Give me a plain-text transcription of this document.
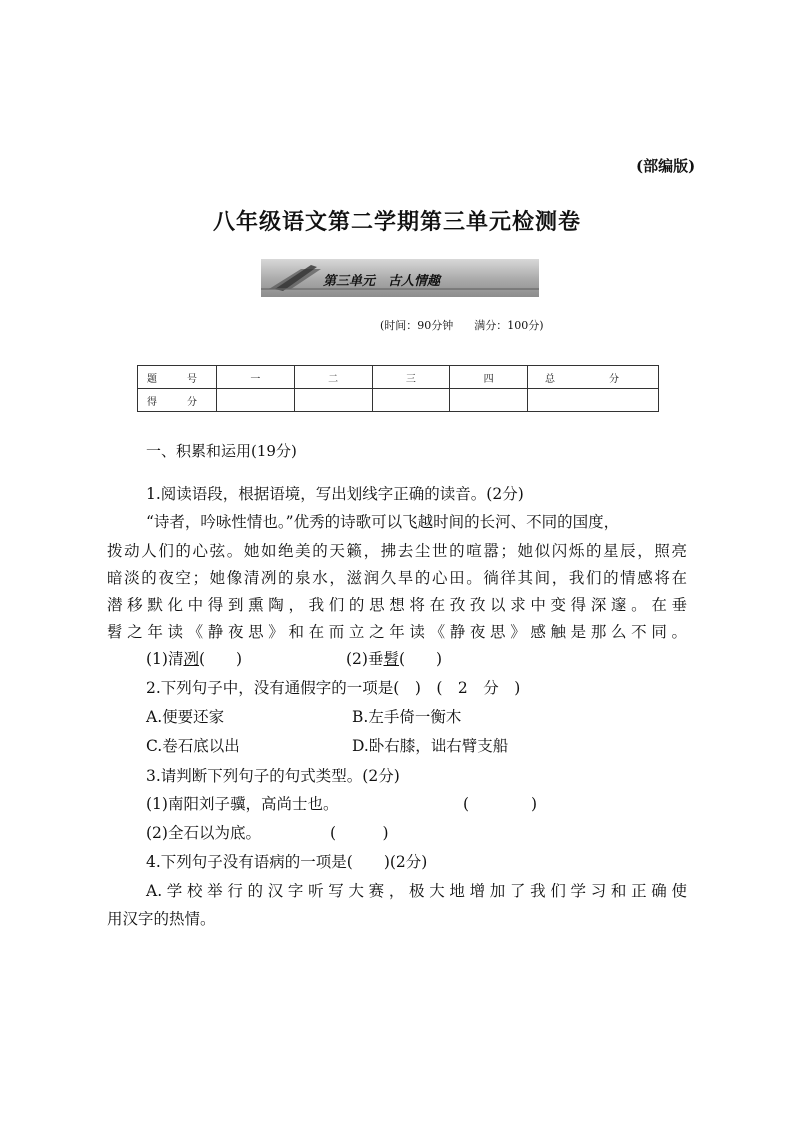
(部编版)
八年级语文第二学期第三单元检测卷
第三单元　古人情趣
(时间：90分钟 满分：100分)
题　号	一	二	三	四	总　分
得　分					
一、积累和运用(19分)
1.阅读语段，根据语境，写出划线字正确的读音。(2分)
“诗者，吟咏性情也。”优秀的诗歌可以飞越时间的长河、不同的国度，
拨动人们的心弦。她如绝美的天籁，拂去尘世的喧嚣；她似闪烁的星辰，照亮
暗淡的夜空；她像清冽的泉水，滋润久旱的心田。徜徉其间，我们的情感将在
潜移默化中得到熏陶，我们的思想将在孜孜以求中变得深邃。在垂
髫之年读《静夜思》和在而立之年读《静夜思》感触是那么不同。
(1)清冽(　　)	(2)垂髫(　　)
2.下列句子中，没有通假字的一项是(　)　(　2　分　)
A.便要还家	B.左手倚一衡木
C.卷石底以出	D.卧右膝，诎右臂支船
3.请判断下列句子的句式类型。(2分)
(1)南阳刘子骥，高尚士也。	(　　　　)
(2)全石以为底。	(　　　)
4.下列句子没有语病的一项是(　　)(2分)
A.学校举行的汉字听写大赛，极大地增加了我们学习和正确使
用汉字的热情。
